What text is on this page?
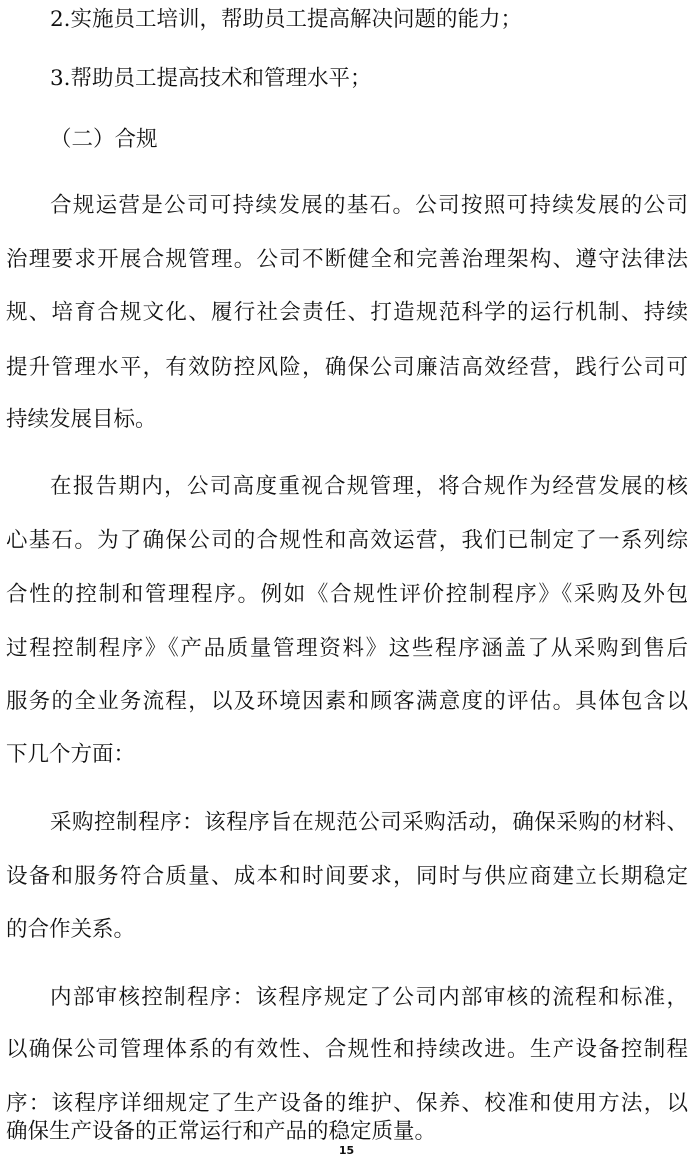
2.实施员工培训，帮助员工提高解决问题的能力；
3.帮助员工提高技术和管理水平；
（二）合规
合规运营是公司可持续发展的基石。公司按照可持续发展的公司
治理要求开展合规管理。公司不断健全和完善治理架构、遵守法律法
规、培育合规文化、履行社会责任、打造规范科学的运行机制、持续
提升管理水平，有效防控风险，确保公司廉洁高效经营，践行公司可
持续发展目标。
在报告期内，公司高度重视合规管理，将合规作为经营发展的核
心基石。为了确保公司的合规性和高效运营，我们已制定了一系列综
合性的控制和管理程序。例如《合规性评价控制程序》《采购及外包
过程控制程序》《产品质量管理资料》这些程序涵盖了从采购到售后
服务的全业务流程，以及环境因素和顾客满意度的评估。具体包含以
下几个方面：
采购控制程序：该程序旨在规范公司采购活动，确保采购的材料、
设备和服务符合质量、成本和时间要求，同时与供应商建立长期稳定
的合作关系。
内部审核控制程序：该程序规定了公司内部审核的流程和标准，
以确保公司管理体系的有效性、合规性和持续改进。生产设备控制程
序：该程序详细规定了生产设备的维护、保养、校准和使用方法，以
15
确保生产设备的正常运行和产品的稳定质量。
